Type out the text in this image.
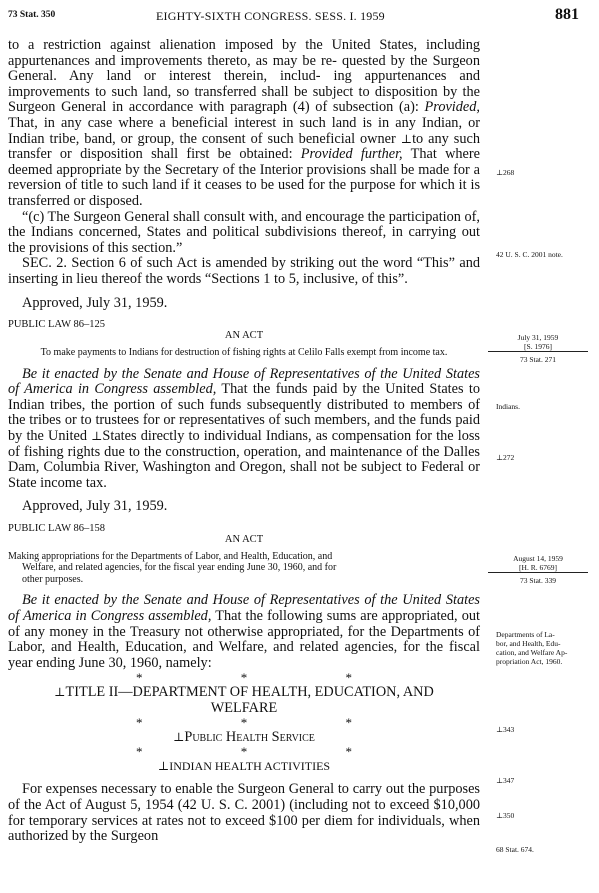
73 Stat. 350	EIGHTY-SIXTH CONGRESS. SESS. I. 1959	881

to a restriction against alienation imposed by the United States, including appurtenances and improvements thereto, as may be re- quested by the Surgeon General. Any land or interest therein, includ- ing appurtenances and improvements to such land, so transferred shall be subject to disposition by the Surgeon General in accordance with paragraph (4) of subsection (a): Provided, That, in any case where a beneficial interest in such land is in any Indian, or Indian tribe, band, or group, the consent of such beneficial owner ⊥to any such transfer or disposition shall first be obtained: Provided further, That where deemed appropriate by the Secretary of the Interior provisions shall be made for a reversion of title to such land if it ceases to be used for the purpose for which it is transferred or disposed.

“(c) The Surgeon General shall consult with, and encourage the participation of, the Indians concerned, States and political subdivisions thereof, in carrying out the provisions of this section.”

SEC. 2. Section 6 of such Act is amended by striking out the word “This” and inserting in lieu thereof the words “Sections 1 to 5, inclusive, of this”.

Approved, July 31, 1959.

PUBLIC LAW 86–125

AN ACT

To make payments to Indians for destruction of fishing rights at Celilo Falls exempt from income tax.

Be it enacted by the Senate and House of Representatives of the United States of America in Congress assembled, That the funds paid by the United States to Indian tribes, the portion of such funds subsequently distributed to members of the tribes or to trustees for or representatives of such members, and the funds paid by the United ⊥States directly to individual Indians, as compensation for the loss of fishing rights due to the construction, operation, and maintenance of the Dalles Dam, Columbia River, Washington and Oregon, shall not be subject to Federal or State income tax.

Approved, July 31, 1959.

PUBLIC LAW 86–158

AN ACT

Making appropriations for the Departments of Labor, and Health, Education, and
Welfare, and related agencies, for the fiscal year ending June 30, 1960, and for
other purposes.

Be it enacted by the Senate and House of Representatives of the United States of America in Congress assembled, That the following sums are appropriated, out of any money in the Treasury not otherwise appropriated, for the Departments of Labor, and Health, Education, and Welfare, and related agencies, for the fiscal year ending June 30, 1960, namely:

* * *

⊥TITLE II—DEPARTMENT OF HEALTH, EDUCATION, AND

WELFARE

* * *

⊥Public Health Service

* * *

⊥INDIAN HEALTH ACTIVITIES

For expenses necessary to enable the Surgeon General to carry out the purposes of the Act of August 5, 1954 (42 U. S. C. 2001) (including not to exceed $10,000 for temporary services at rates not to exceed $100 per diem for individuals, when authorized by the Surgeon

⊥268
42 U. S. C. 2001 note.
July 31, 1959
[S. 1976]
73 Stat. 271
Indians.
⊥272
August 14, 1959
[H. R. 6769]
73 Stat. 339
Departments of La-
bor, and Health, Edu-
cation, and Welfare Ap-
propriation Act, 1960.
⊥343
⊥347
⊥350
68 Stat. 674.
